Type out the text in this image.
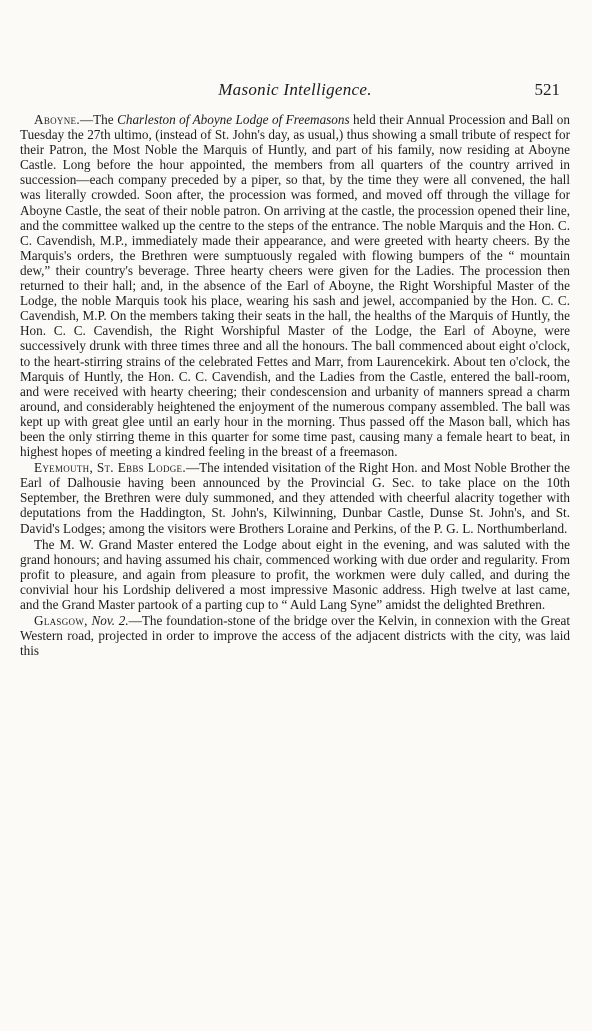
Masonic Intelligence.	521

Aboyne.—The Charleston of Aboyne Lodge of Freemasons held their Annual Procession and Ball on Tuesday the 27th ultimo, (instead of St. John's day, as usual,) thus showing a small tribute of respect for their Patron, the Most Noble the Marquis of Huntly, and part of his family, now residing at Aboyne Castle. Long before the hour appointed, the members from all quarters of the country arrived in succession—each company preceded by a piper, so that, by the time they were all convened, the hall was literally crowded. Soon after, the procession was formed, and moved off through the village for Aboyne Castle, the seat of their noble patron. On arriving at the castle, the procession opened their line, and the committee walked up the centre to the steps of the entrance. The noble Marquis and the Hon. C. C. Cavendish, M.P., immediately made their appearance, and were greeted with hearty cheers. By the Marquis's orders, the Brethren were sumptuously regaled with flowing bumpers of the “ mountain dew,” their country's beverage. Three hearty cheers were given for the Ladies. The procession then returned to their hall; and, in the absence of the Earl of Aboyne, the Right Worshipful Master of the Lodge, the noble Marquis took his place, wearing his sash and jewel, accompanied by the Hon. C. C. Cavendish, M.P. On the members taking their seats in the hall, the healths of the Marquis of Huntly, the Hon. C. C. Cavendish, the Right Worshipful Master of the Lodge, the Earl of Aboyne, were successively drunk with three times three and all the honours. The ball commenced about eight o'clock, to the heart-stirring strains of the celebrated Fettes and Marr, from Laurencekirk. About ten o'clock, the Marquis of Huntly, the Hon. C. C. Cavendish, and the Ladies from the Castle, entered the ball-room, and were received with hearty cheering; their condescension and urbanity of manners spread a charm around, and considerably heightened the enjoyment of the numerous company assembled. The ball was kept up with great glee until an early hour in the morning. Thus passed off the Mason ball, which has been the only stirring theme in this quarter for some time past, causing many a female heart to beat, in highest hopes of meeting a kindred feeling in the breast of a freemason.

Eyemouth, St. Ebbs Lodge.—The intended visitation of the Right Hon. and Most Noble Brother the Earl of Dalhousie having been announced by the Provincial G. Sec. to take place on the 10th September, the Brethren were duly summoned, and they attended with cheerful alacrity together with deputations from the Haddington, St. John's, Kilwinning, Dunbar Castle, Dunse St. John's, and St. David's Lodges; among the visitors were Brothers Loraine and Perkins, of the P. G. L. Northumberland.

The M. W. Grand Master entered the Lodge about eight in the evening, and was saluted with the grand honours; and having assumed his chair, commenced working with due order and regularity. From profit to pleasure, and again from pleasure to profit, the workmen were duly called, and during the convivial hour his Lordship delivered a most impressive Masonic address. High twelve at last came, and the Grand Master partook of a parting cup to “ Auld Lang Syne” amidst the delighted Brethren.

Glasgow, Nov. 2.—The foundation-stone of the bridge over the Kelvin, in connexion with the Great Western road, projected in order to improve the access of the adjacent districts with the city, was laid this
